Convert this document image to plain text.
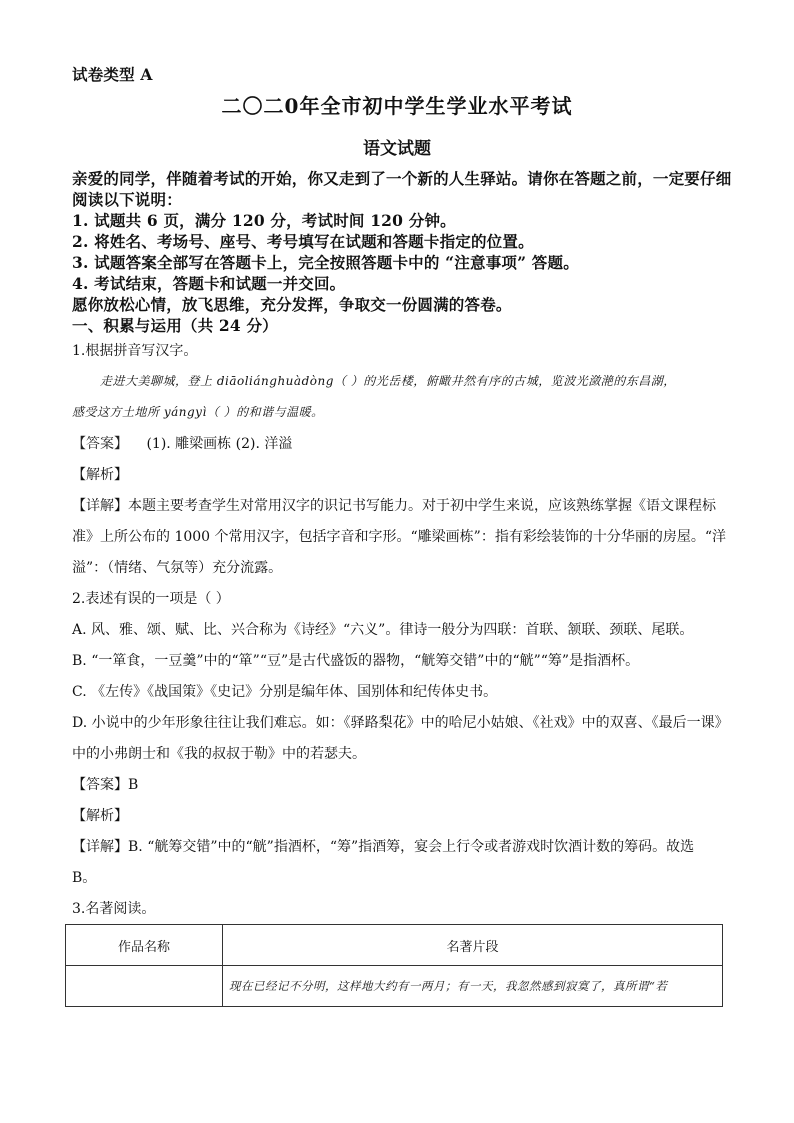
试卷类型 A
二〇二0年全市初中学生学业水平考试
语文试题
亲爱的同学，伴随着考试的开始，你又走到了一个新的人生驿站。请你在答题之前，一定要仔细
阅读以下说明：
1. 试题共 6 页，满分 120 分，考试时间 120 分钟。
2. 将姓名、考场号、座号、考号填写在试题和答题卡指定的位置。
3. 试题答案全部写在答题卡上，完全按照答题卡中的 “注意事项” 答题。
4. 考试结束，答题卡和试题一并交回。
愿你放松心情，放飞思维，充分发挥，争取交一份圆满的答卷。
一、积累与运用（共 24 分）
1.根据拼音写汉字。
走进大美聊城，登上 diāoliánghuàdòng（ ）的光岳楼，俯瞰井然有序的古城，览波光潋滟的东昌湖，
感受这方土地所 yángyì（ ）的和谐与温暖。
【答案】 (1). 雕梁画栋 (2). 洋溢
【解析】
【详解】本题主要考查学生对常用汉字的识记书写能力。对于初中学生来说，应该熟练掌握《语文课程标
准》上所公布的 1000 个常用汉字，包括字音和字形。“雕梁画栋”：指有彩绘装饰的十分华丽的房屋。“洋
溢”：（情绪、气氛等）充分流露。
2.表述有误的一项是（ ）
A. 风、雅、颂、赋、比、兴合称为《诗经》“六义”。律诗一般分为四联：首联、颔联、颈联、尾联。
B. “一箪食，一豆羹”中的“箪”“豆”是古代盛饭的器物，“觥筹交错”中的“觥”“筹”是指酒杯。
C. 《左传》《战国策》《史记》分别是编年体、国别体和纪传体史书。
D. 小说中的少年形象往往让我们难忘。如：《驿路梨花》中的哈尼小姑娘、《社戏》中的双喜、《最后一课》
中的小弗朗士和《我的叔叔于勒》中的若瑟夫。
【答案】B
【解析】
【详解】B. “觥筹交错”中的“觥”指酒杯，“筹”指酒筹，宴会上行令或者游戏时饮酒计数的筹码。故选
B。
3.名著阅读。
作品名称	名著片段
	现在已经记不分明，这样地大约有一两月；有一天，我忽然感到寂寞了，真所谓“若
